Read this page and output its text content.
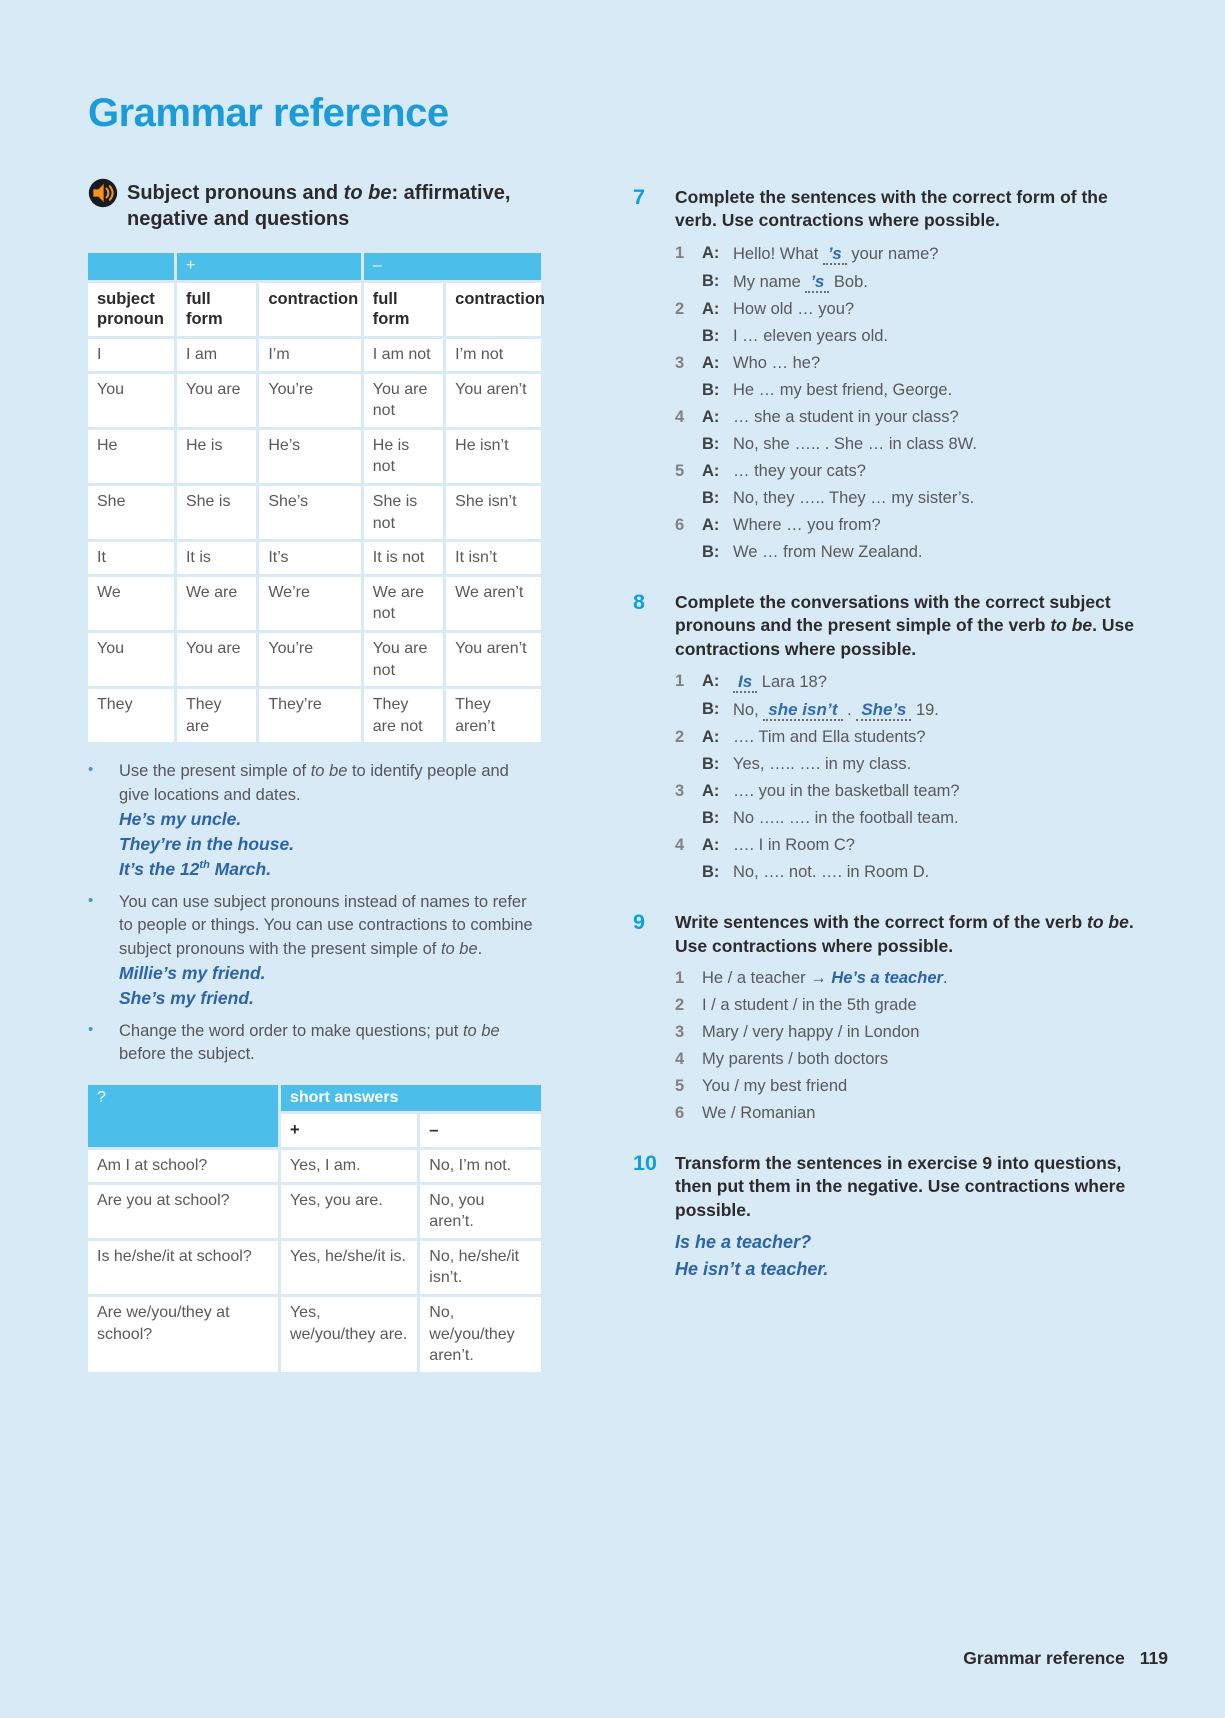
Grammar reference
Subject pronouns and to be: affirmative, negative and questions
	+		–	
subject pronoun	full form	contraction	full form	contraction
I	I am	I’m	I am not	I’m not
You	You are	You’re	You are not	You aren’t
He	He is	He’s	He is not	He isn’t
She	She is	She’s	She is not	She isn’t
It	It is	It’s	It is not	It isn’t
We	We are	We’re	We are not	We aren’t
You	You are	You’re	You are not	You aren’t
They	They are	They’re	They are not	They aren’t
•	Use the present simple of to be to identify people and give locations and dates.
He’s my uncle.
They’re in the house.
It’s the 12th March.
•	You can use subject pronouns instead of names to refer to people or things. You can use contractions to combine subject pronouns with the present simple of to be.
Millie’s my friend.
She’s my friend.
•	Change the word order to make questions; put to be before the subject.
?	short answers	
	+	–
Am I at school?	Yes, I am.	No, I’m not.
Are you at school?	Yes, you are.	No, you aren’t.
Is he/she/it at school?	Yes, he/she/it is.	No, he/she/it isn’t.
Are we/you/they at school?	Yes, we/you/they are.	No, we/you/they aren’t.
7	Complete the sentences with the correct form of the verb. Use contractions where possible.
1	A: Hello! What ’s your name?
B: My name ’s Bob.
2	A: How old … you?
B: I … eleven years old.
3	A: Who … he?
B: He … my best friend, George.
4	A: … she a student in your class?
B: No, she ….. . She … in class 8W.
5	A: … they your cats?
B: No, they ….. They … my sister’s.
6	A: Where … you from?
B: We … from New Zealand.
8	Complete the conversations with the correct subject pronouns and the present simple of the verb to be. Use contractions where possible.
1	A:	Is Lara 18?
B: No, she isn’t . She’s 19.
2	A: …. Tim and Ella students?
B: Yes, ….. …. in my class.
3	A: …. you in the basketball team?
B: No ….. …. in the football team.
4	A: …. I in Room C?
B: No, …. not. …. in Room D.
9	Write sentences with the correct form of the verb to be. Use contractions where possible.
1	He / a teacher → He’s a teacher.
2	I / a student / in the 5th grade
3	Mary / very happy / in London
4	My parents / both doctors
5	You / my best friend
6	We / Romanian
10	Transform the sentences in exercise 9 into questions, then put them in the negative. Use contractions where possible.
Is he a teacher?
He isn’t a teacher.
Grammar reference 119
